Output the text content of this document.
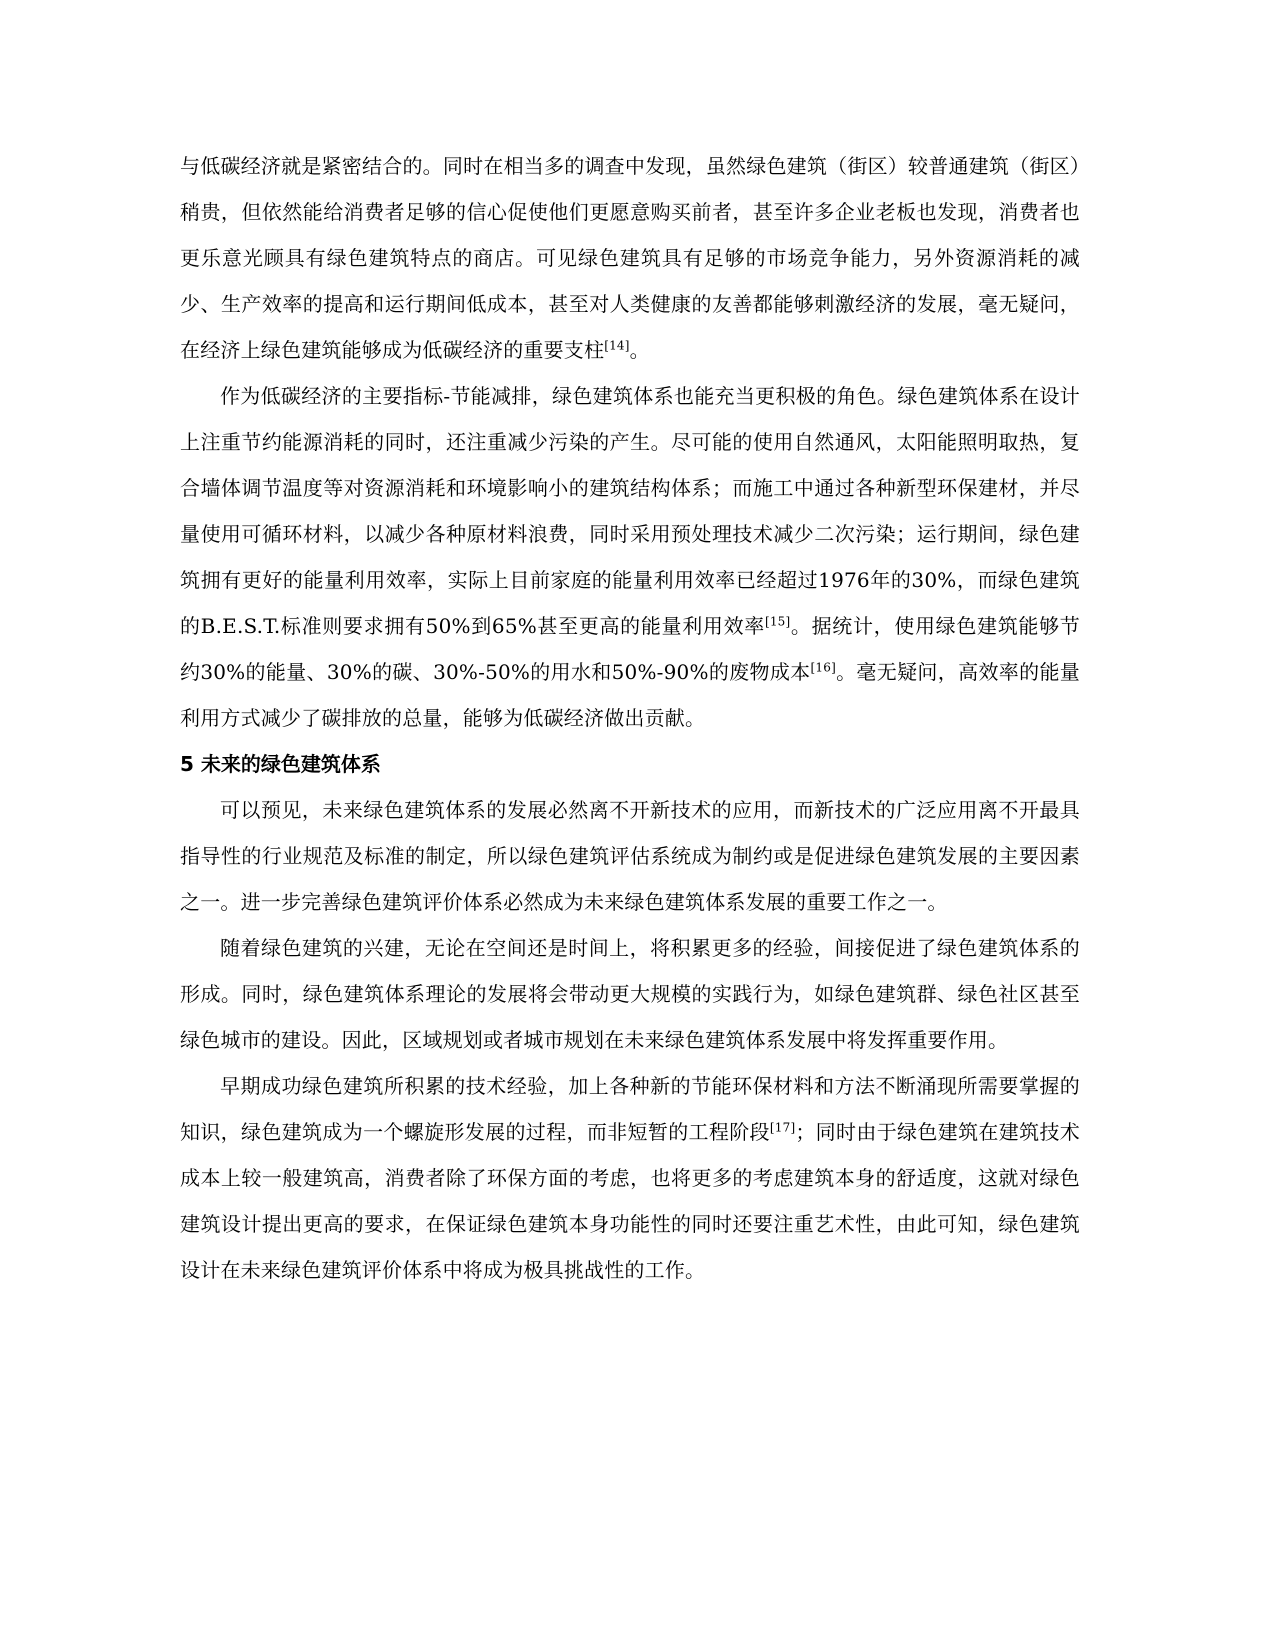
与低碳经济就是紧密结合的。同时在相当多的调查中发现，虽然绿色建筑（街区）较普通建筑（街区）稍贵，但依然能给消费者足够的信心促使他们更愿意购买前者，甚至许多企业老板也发现，消费者也更乐意光顾具有绿色建筑特点的商店。可见绿色建筑具有足够的市场竞争能力，另外资源消耗的减少、生产效率的提高和运行期间低成本，甚至对人类健康的友善都能够刺激经济的发展，毫无疑问，在经济上绿色建筑能够成为低碳经济的重要支柱[14]。

作为低碳经济的主要指标-节能减排，绿色建筑体系也能充当更积极的角色。绿色建筑体系在设计上注重节约能源消耗的同时，还注重减少污染的产生。尽可能的使用自然通风，太阳能照明取热，复合墙体调节温度等对资源消耗和环境影响小的建筑结构体系；而施工中通过各种新型环保建材，并尽量使用可循环材料，以减少各种原材料浪费，同时采用预处理技术减少二次污染；运行期间，绿色建筑拥有更好的能量利用效率，实际上目前家庭的能量利用效率已经超过1976年的30%，而绿色建筑的B.E.S.T.标准则要求拥有50%到65%甚至更高的能量利用效率[15]。据统计，使用绿色建筑能够节约30%的能量、30%的碳、30%-50%的用水和50%-90%的废物成本[16]。毫无疑问，高效率的能量利用方式减少了碳排放的总量，能够为低碳经济做出贡献。

5 未来的绿色建筑体系

可以预见，未来绿色建筑体系的发展必然离不开新技术的应用，而新技术的广泛应用离不开最具指导性的行业规范及标准的制定，所以绿色建筑评估系统成为制约或是促进绿色建筑发展的主要因素之一。进一步完善绿色建筑评价体系必然成为未来绿色建筑体系发展的重要工作之一。

随着绿色建筑的兴建，无论在空间还是时间上，将积累更多的经验，间接促进了绿色建筑体系的形成。同时，绿色建筑体系理论的发展将会带动更大规模的实践行为，如绿色建筑群、绿色社区甚至绿色城市的建设。因此，区域规划或者城市规划在未来绿色建筑体系发展中将发挥重要作用。

早期成功绿色建筑所积累的技术经验，加上各种新的节能环保材料和方法不断涌现所需要掌握的知识，绿色建筑成为一个螺旋形发展的过程，而非短暂的工程阶段[17]；同时由于绿色建筑在建筑技术成本上较一般建筑高，消费者除了环保方面的考虑，也将更多的考虑建筑本身的舒适度，这就对绿色建筑设计提出更高的要求，在保证绿色建筑本身功能性的同时还要注重艺术性，由此可知，绿色建筑设计在未来绿色建筑评价体系中将成为极具挑战性的工作。
